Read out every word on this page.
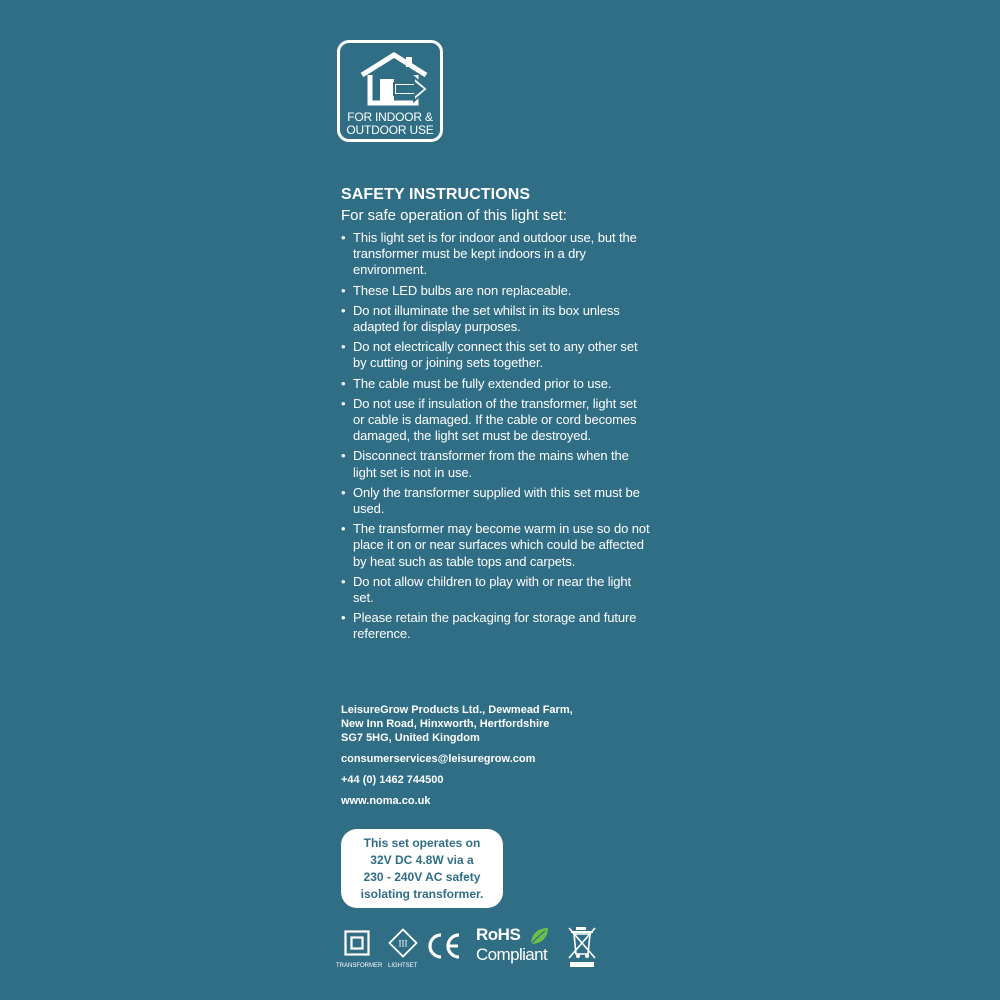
FOR INDOOR &
OUTDOOR USE
SAFETY INSTRUCTIONS
For safe operation of this light set:
• This light set is for indoor and outdoor use, but the transformer must be kept indoors in a dry environment.
• These LED bulbs are non replaceable.
• Do not illuminate the set whilst in its box unless adapted for display purposes.
• Do not electrically connect this set to any other set by cutting or joining sets together.
• The cable must be fully extended prior to use.
• Do not use if insulation of the transformer, light set or cable is damaged. If the cable or cord becomes damaged, the light set must be destroyed.
• Disconnect transformer from the mains when the light set is not in use.
• Only the transformer supplied with this set must be used.
• The transformer may become warm in use so do not place it on or near surfaces which could be affected by heat such as table tops and carpets.
• Do not allow children to play with or near the light set.
• Please retain the packaging for storage and future reference.
LeisureGrow Products Ltd., Dewmead Farm,
New Inn Road, Hinxworth, Hertfordshire
SG7 5HG, United Kingdom
consumerservices@leisuregrow.com
+44 (0) 1462 744500
www.noma.co.uk
This set operates on
32V DC 4.8W via a
230 - 240V AC safety
isolating transformer.
TRANSFORMER
III
LIGHTSET
RoHS
Compliant
